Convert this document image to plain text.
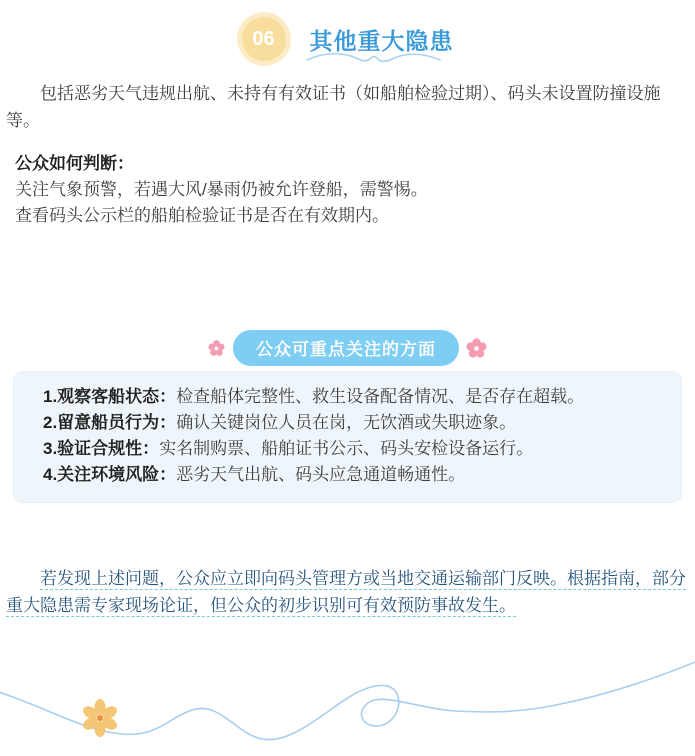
06 其他重大隐患

包括恶劣天气违规出航、未持有有效证书（如船舶检验过期）、码头未设置防撞设施等。

公众如何判断：
关注气象预警，若遇大风/暴雨仍被允许登船，需警惕。
查看码头公示栏的船舶检验证书是否在有效期内。
公众可重点关注的方面
1.观察客船状态：检查船体完整性、救生设备配备情况、是否存在超载。
2.留意船员行为：确认关键岗位人员在岗，无饮酒或失职迹象。
3.验证合规性：实名制购票、船舶证书公示、码头安检设备运行。
4.关注环境风险：恶劣天气出航、码头应急通道畅通性。

若发现上述问题，公众应立即向码头管理方或当地交通运输部门反映。根据指南，部分重大隐患需专家现场论证，但公众的初步识别可有效预防事故发生。
